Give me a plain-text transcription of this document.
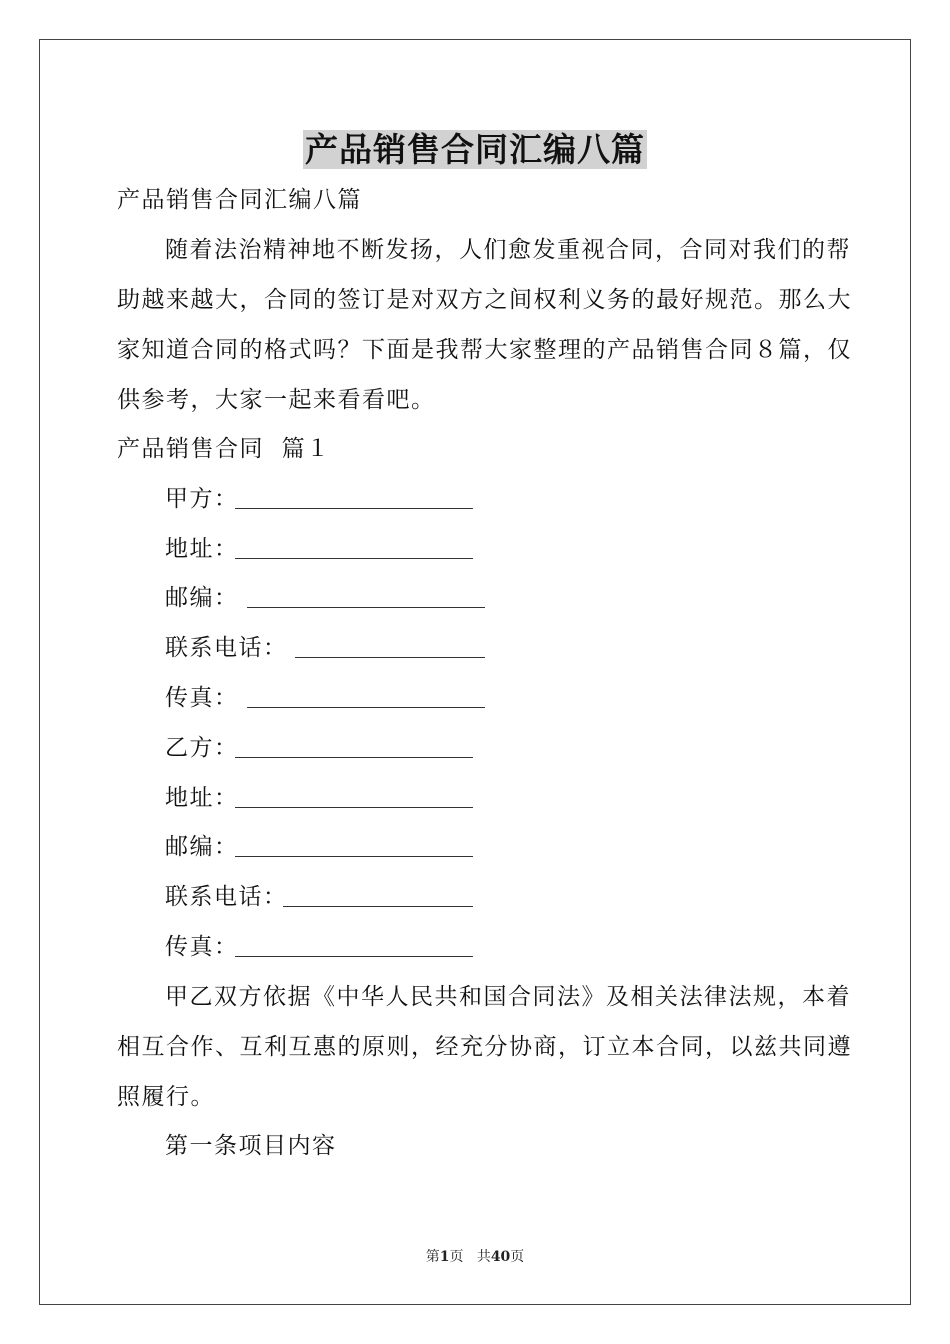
产品销售合同汇编八篇
产品销售合同汇编八篇
随着法治精神地不断发扬，人们愈发重视合同，合同对我们的帮
助越来越大，合同的签订是对双方之间权利义务的最好规范。那么大
家知道合同的格式吗？下面是我帮大家整理的产品销售合同８篇，仅
供参考，大家一起来看看吧。
产品销售合同  篇１
甲方：
地址：
邮编：
联系电话：
传真：
乙方：
地址：
邮编：
联系电话：
传真：
甲乙双方依据《中华人民共和国合同法》及相关法律法规，本着
相互合作、互利互惠的原则，经充分协商，订立本合同，以兹共同遵
照履行。
第一条项目内容
第1页 共40页
